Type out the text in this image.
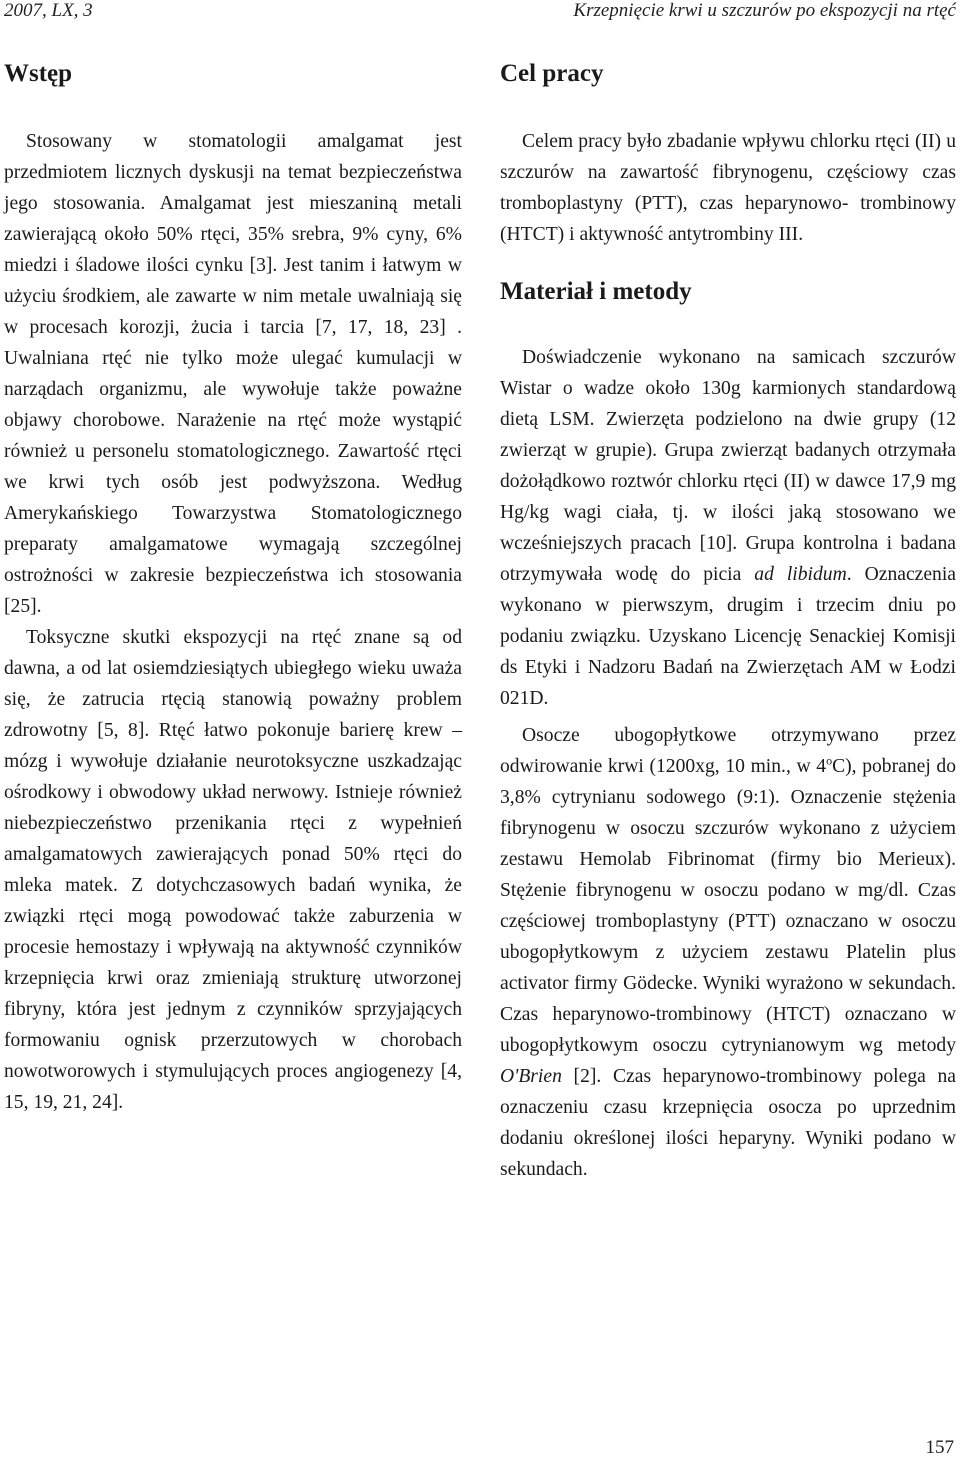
2007, LX, 3	Krzepnięcie krwi u szczurów po ekspozycji na rtęć
Wstęp

Stosowany w stomatologii amalgamat jest przedmiotem licznych dyskusji na temat bezpieczeństwa jego stosowania. Amalgamat jest mieszaniną metali zawierającą około 50% rtęci, 35% srebra, 9% cyny, 6% miedzi i śladowe ilości cynku [3]. Jest tanim i łatwym w użyciu środkiem, ale zawarte w nim metale uwalniają się w procesach korozji, żucia i tarcia [7, 17, 18, 23] . Uwalniana rtęć nie tylko może ulegać kumulacji w narządach organizmu, ale wywołuje także poważne objawy chorobowe. Narażenie na rtęć może wystąpić również u personelu stomatologicznego. Zawartość rtęci we krwi tych osób jest podwyższona. Według Amerykańskiego Towarzystwa Stomatologicznego preparaty amalgamatowe wymagają szczególnej ostrożności w zakresie bezpieczeństwa ich stosowania [25].

Toksyczne skutki ekspozycji na rtęć znane są od dawna, a od lat osiemdziesiątych ubiegłego wieku uważa się, że zatrucia rtęcią stanowią poważny problem zdrowotny [5, 8]. Rtęć łatwo pokonuje barierę krew – mózg i wywołuje działanie neurotoksyczne uszkadzając ośrodkowy i obwodowy układ nerwowy. Istnieje również niebezpieczeństwo przenikania rtęci z wypełnień amalgamatowych zawierających ponad 50% rtęci do mleka matek. Z dotychczasowych badań wynika, że związki rtęci mogą powodować także zaburzenia w procesie hemostazy i wpływają na aktywność czynników krzepnięcia krwi oraz zmieniają strukturę utworzonej fibryny, która jest jednym z czynników sprzyjających formowaniu ognisk przerzutowych w chorobach nowotworowych i stymulujących proces angiogenezy [4, 15, 19, 21, 24].

Cel pracy

Celem pracy było zbadanie wpływu chlorku rtęci (II) u szczurów na zawartość fibrynogenu, częściowy czas tromboplastyny (PTT), czas heparynowo- trombinowy (HTCT) i aktywność antytrombiny III.

Materiał i metody

Doświadczenie wykonano na samicach szczurów Wistar o wadze około 130g karmionych standardową dietą LSM. Zwierzęta podzielono na dwie grupy (12 zwierząt w grupie). Grupa zwierząt badanych otrzymała dożołądkowo roztwór chlorku rtęci (II) w dawce 17,9 mg Hg/kg wagi ciała, tj. w ilości jaką stosowano we wcześniejszych pracach [10]. Grupa kontrolna i badana otrzymywała wodę do picia ad libidum. Oznaczenia wykonano w pierwszym, drugim i trzecim dniu po podaniu związku. Uzyskano Licencję Senackiej Komisji ds Etyki i Nadzoru Badań na Zwierzętach AM w Łodzi 021D.

Osocze ubogopłytkowe otrzymywano przez odwirowanie krwi (1200xg, 10 min., w 4$^o$C), pobranej do 3,8% cytrynianu sodowego (9:1). Oznaczenie stężenia fibrynogenu w osoczu szczurów wykonano z użyciem zestawu Hemolab Fibrinomat (firmy bio Merieux). Stężenie fibrynogenu w osoczu podano w mg/dl. Czas częściowej tromboplastyny (PTT) oznaczano w osoczu ubogopłytkowym z użyciem zestawu Platelin plus activator firmy Gödecke. Wyniki wyrażono w sekundach. Czas heparynowo-trombinowy (HTCT) oznaczano w ubogopłytkowym osoczu cytrynianowym wg metody O'Brien [2]. Czas heparynowo-trombinowy polega na oznaczeniu czasu krzepnięcia osocza po uprzednim dodaniu określonej ilości heparyny. Wyniki podano w sekundach.

157
